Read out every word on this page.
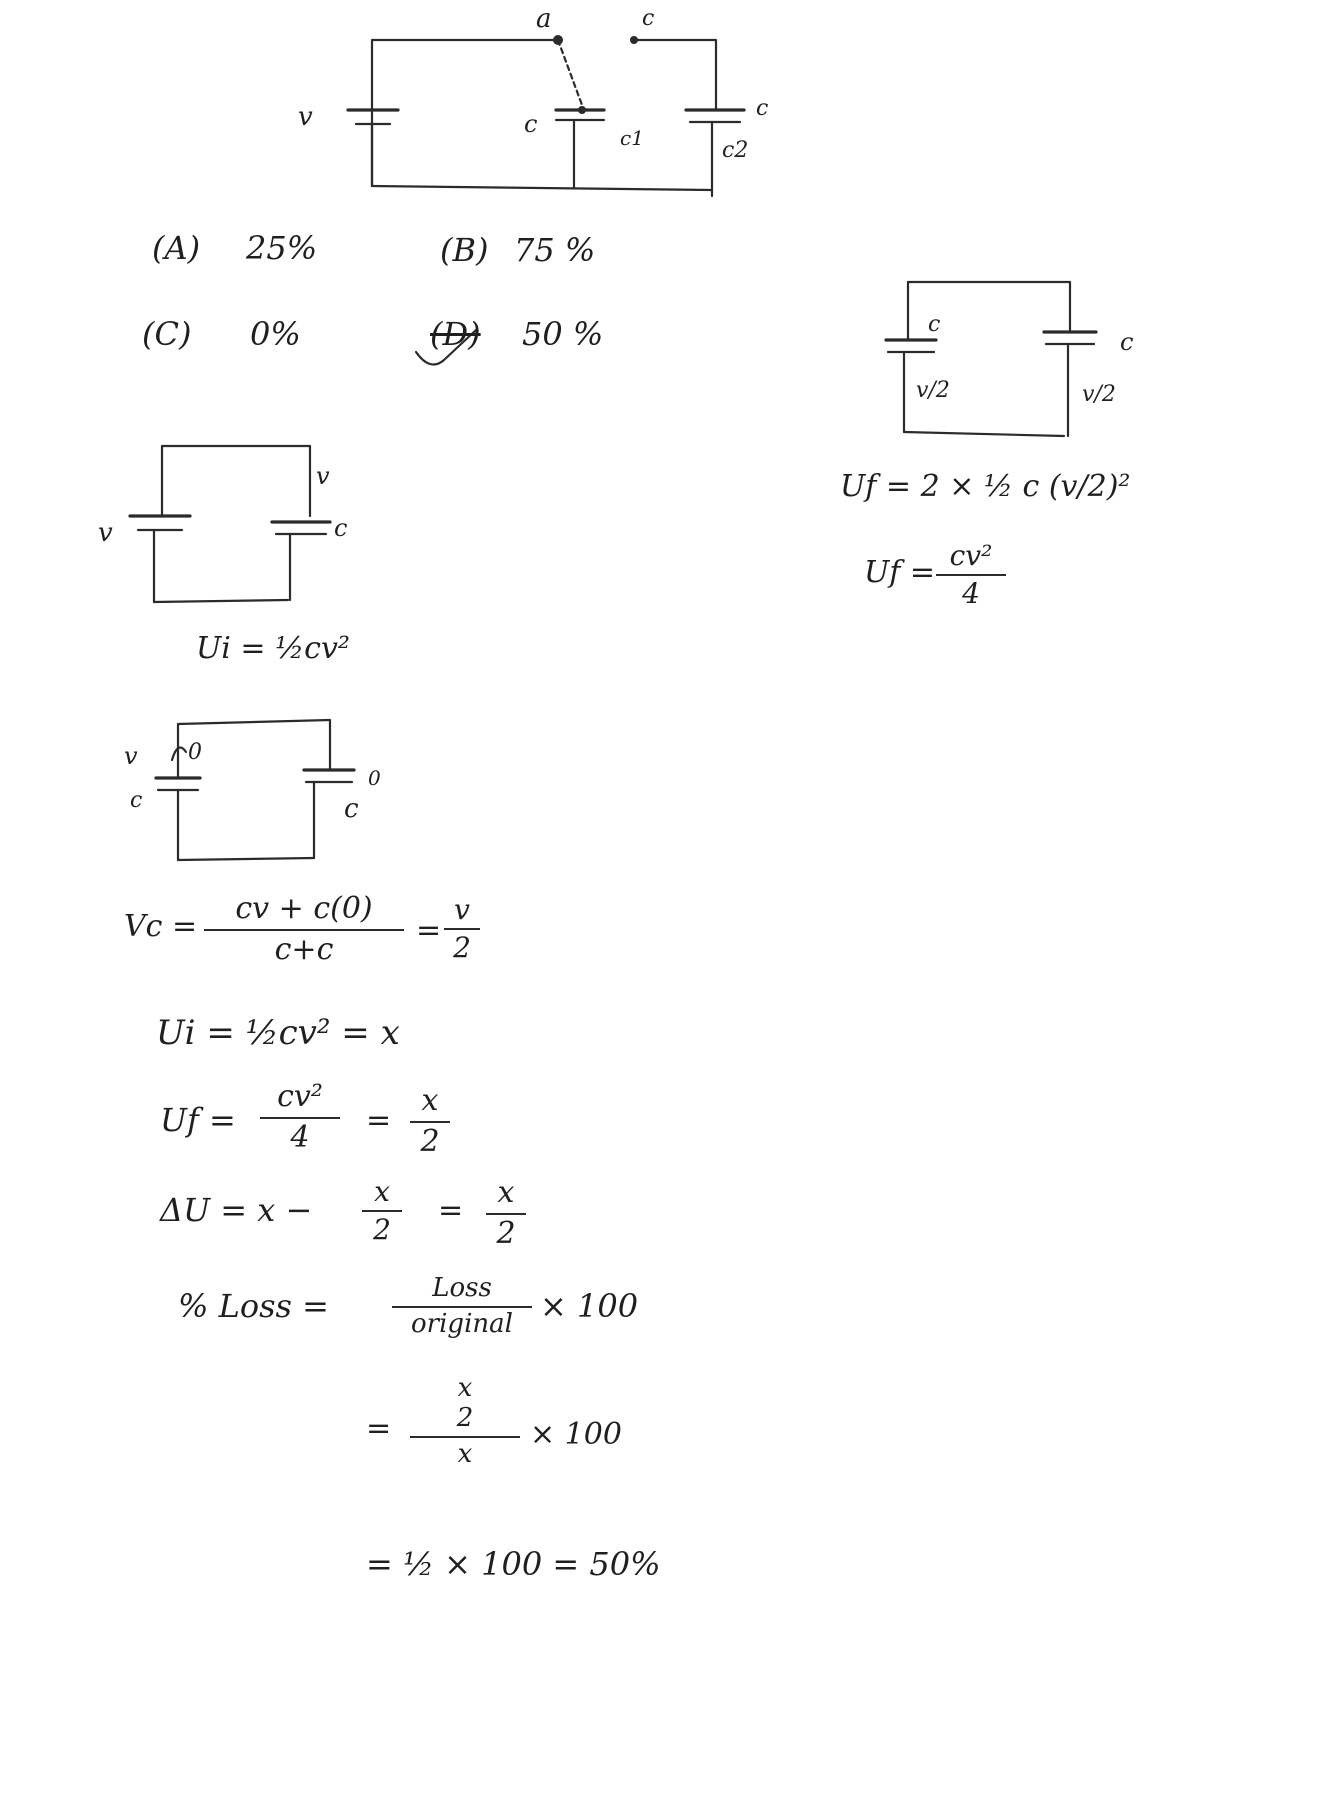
a	c
v	c	c1
c
c2
(A) 25%	(B) 75 %
(C) 0%	(D) 50 %	c
v/2
c
v/2
Uf = 2 × ½ c (v/2)²
Uf = cv²
4
v	c
v
Ui = ½cv²
v 0
c	c
0
Vc =
cv + c(0)
c+c
=
v
2
Ui = ½cv² = x
Uf =
cv²
4	=
x
2
ΔU = x −	x
2
=
x
2
% Loss =	Loss
original × 100
=
x
2
x
× 100
= ½ × 100 = 50%
